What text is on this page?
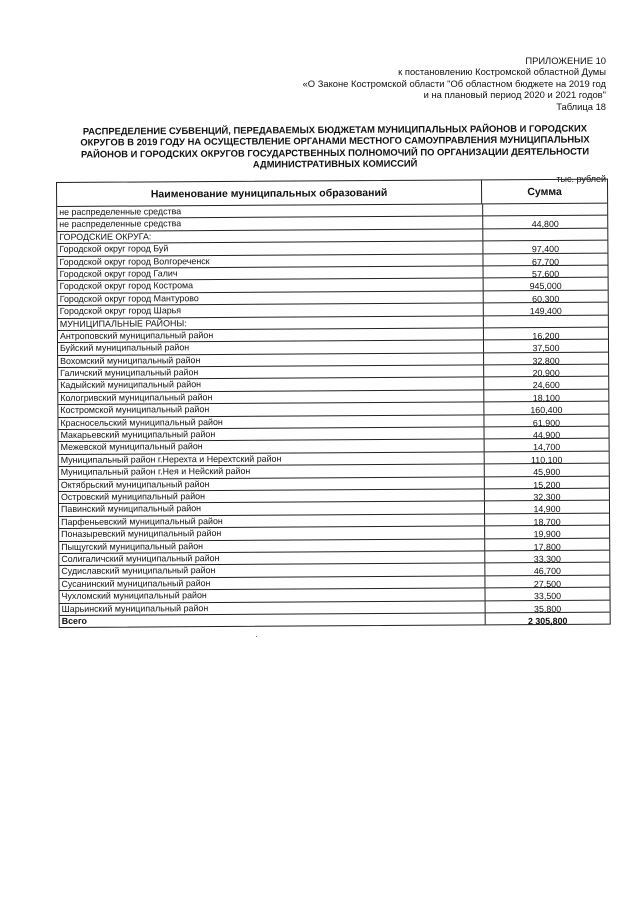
ПРИЛОЖЕНИЕ 10
к постановлению Костромской областной Думы
«О Законе Костромской области "Об областном бюджете на 2019 год
и на плановый период 2020 и 2021 годов"
Таблица 18
РАСПРЕДЕЛЕНИЕ СУБВЕНЦИЙ, ПЕРЕДАВАЕМЫХ БЮДЖЕТАМ МУНИЦИПАЛЬНЫХ РАЙОНОВ И ГОРОДСКИХ ОКРУГОВ В 2019 ГОДУ НА ОСУЩЕСТВЛЕНИЕ ОРГАНАМИ МЕСТНОГО САМОУПРАВЛЕНИЯ МУНИЦИПАЛЬНЫХ РАЙОНОВ И ГОРОДСКИХ ОКРУГОВ ГОСУДАРСТВЕННЫХ ПОЛНОМОЧИЙ ПО ОРГАНИЗАЦИИ ДЕЯТЕЛЬНОСТИ АДМИНИСТРАТИВНЫХ КОМИССИЙ
тыс. рублей
Наименование муниципальных образований	Сумма
не распределенные средства
не распределенные средства	44,800
ГОРОДСКИЕ ОКРУГА:
Городской округ город Буй	97,400
Городской округ город Волгореченск	67,700
Городской округ город Галич	57,600
Городской округ город Кострома	945,000
Городской округ город Мантурово	60,300
Городской округ город Шарья	149,400
МУНИЦИПАЛЬНЫЕ РАЙОНЫ:
Антроповский муниципальный район	16,200
Буйский муниципальный район	37,500
Вохомский муниципальный район	32,800
Галичский муниципальный район	20,900
Кадыйский муниципальный район	24,600
Кологривский муниципальный район	18,100
Костромской муниципальный район	160,400
Красносельский муниципальный район	61,900
Макарьевский муниципальный район	44,900
Межевской муниципальный район	14,700
Муниципальный район г.Нерехта и Нерехтский район	110,100
Муниципальный район г.Нея и Нейский район	45,900
Октябрьский муниципальный район	15,200
Островский муниципальный район	32,300
Павинский муниципальный район	14,900
Парфеньевский муниципальный район	18,700
Поназыревский муниципальный район	19,900
Пыщугский муниципальный район	17,800
Солигаличский муниципальный район	33,300
Судиславский муниципальный район	46,700
Сусанинский муниципальный район	27,500
Чухломский муниципальный район	33,500
Шарьинский муниципальный район	35,800
Всего	2 305,800
